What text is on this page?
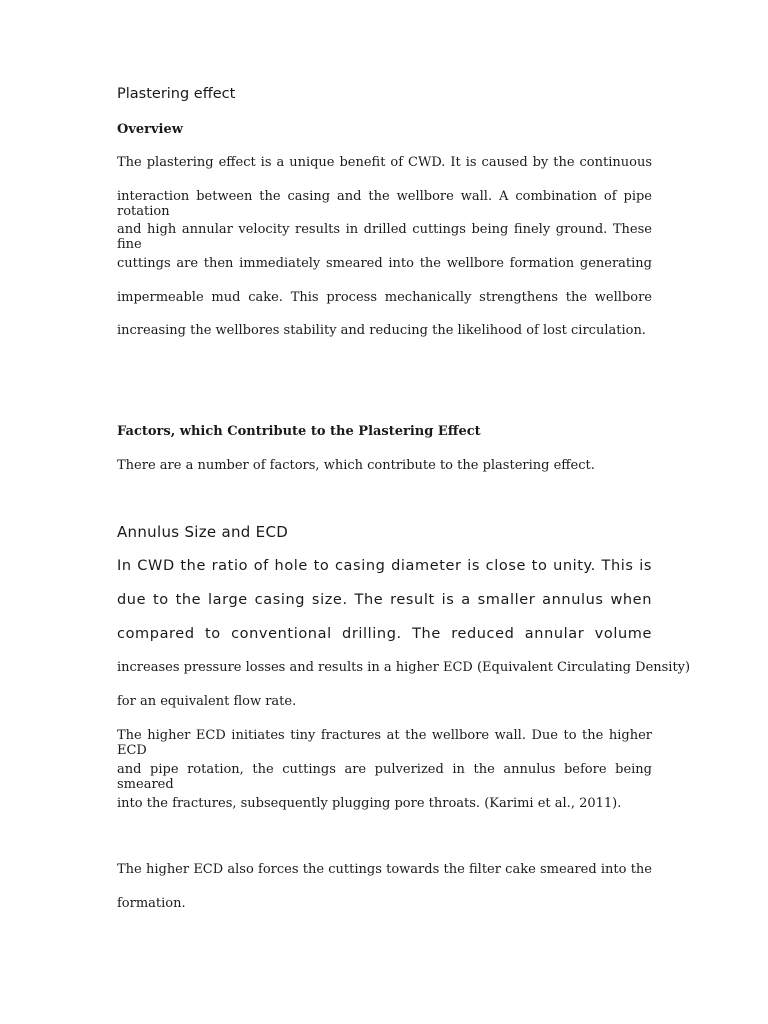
Plastering effect
Overview
The plastering effect is a unique benefit of CWD. It is caused by the continuous
interaction between the casing and the wellbore wall. A combination of pipe rotation
and high annular velocity results in drilled cuttings being finely ground. These fine
cuttings are then immediately smeared into the wellbore formation generating
impermeable mud cake. This process mechanically strengthens the wellbore
increasing the wellbores stability and reducing the likelihood of lost circulation.
Factors, which Contribute to the Plastering Effect
There are a number of factors, which contribute to the plastering effect.
Annulus Size and ECD
In CWD the ratio of hole to casing diameter is close to unity. This is
due to the large casing size. The result is a smaller annulus when
compared to conventional drilling. The reduced annular volume
increases pressure losses and results in a higher ECD (Equivalent Circulating Density)
for an equivalent flow rate.
The higher ECD initiates tiny fractures at the wellbore wall. Due to the higher ECD
and pipe rotation, the cuttings are pulverized in the annulus before being smeared
into the fractures, subsequently plugging pore throats. (Karimi et al., 2011).
The higher ECD also forces the cuttings towards the filter cake smeared into the
formation.
